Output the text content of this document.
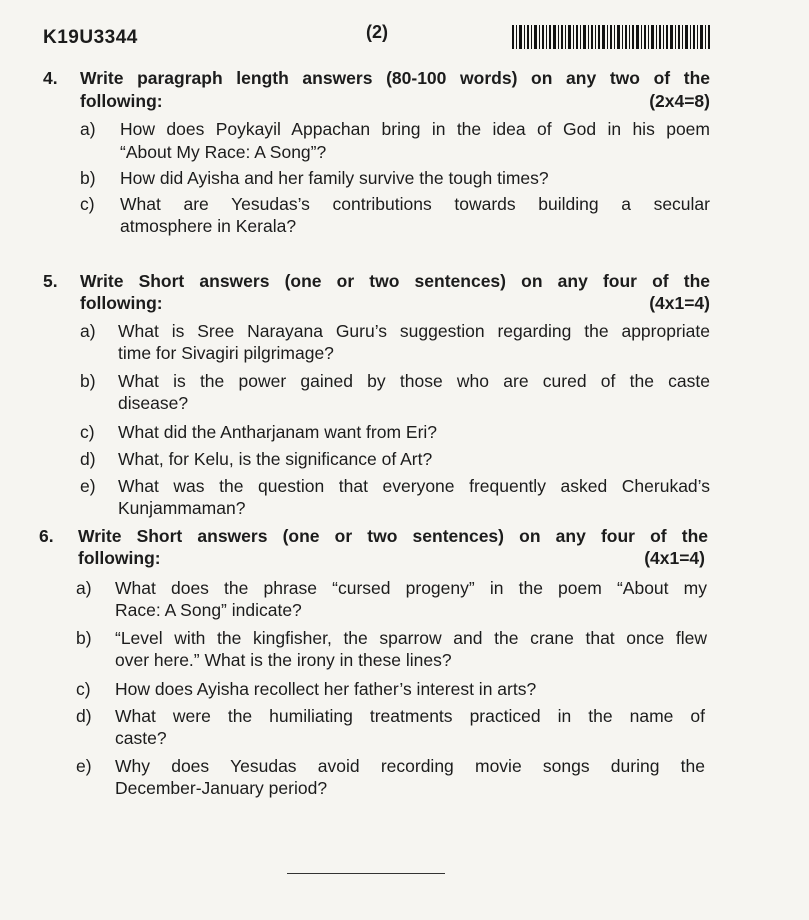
K19U3344	(2)
4. Write paragraph length answers (80-100 words) on any two of the
following:	(2x4=8)
a) How does Poykayil Appachan bring in the idea of God in his poem
“About My Race: A Song”?
b) How did Ayisha and her family survive the tough times?
c) What are Yesudas’s contributions towards building a secular
atmosphere in Kerala?
5. Write Short answers (one or two sentences) on any four of the
following:	(4x1=4)
a) What is Sree Narayana Guru’s suggestion regarding the appropriate
time for Sivagiri pilgrimage?
b) What is the power gained by those who are cured of the caste
disease?
c) What did the Antharjanam want from Eri?
d) What, for Kelu, is the significance of Art?
e) What was the question that everyone frequently asked Cherukad’s
Kunjammaman?
6. Write Short answers (one or two sentences) on any four of the
following:	(4x1=4)
a) What does the phrase “cursed progeny” in the poem “About my
Race: A Song” indicate?
b) “Level with the kingfisher, the sparrow and the crane that once flew
over here.” What is the irony in these lines?
c) How does Ayisha recollect her father’s interest in arts?
d) What were the humiliating treatments practiced in the name of
caste?
e) Why does Yesudas avoid recording movie songs during the
December-January period?
